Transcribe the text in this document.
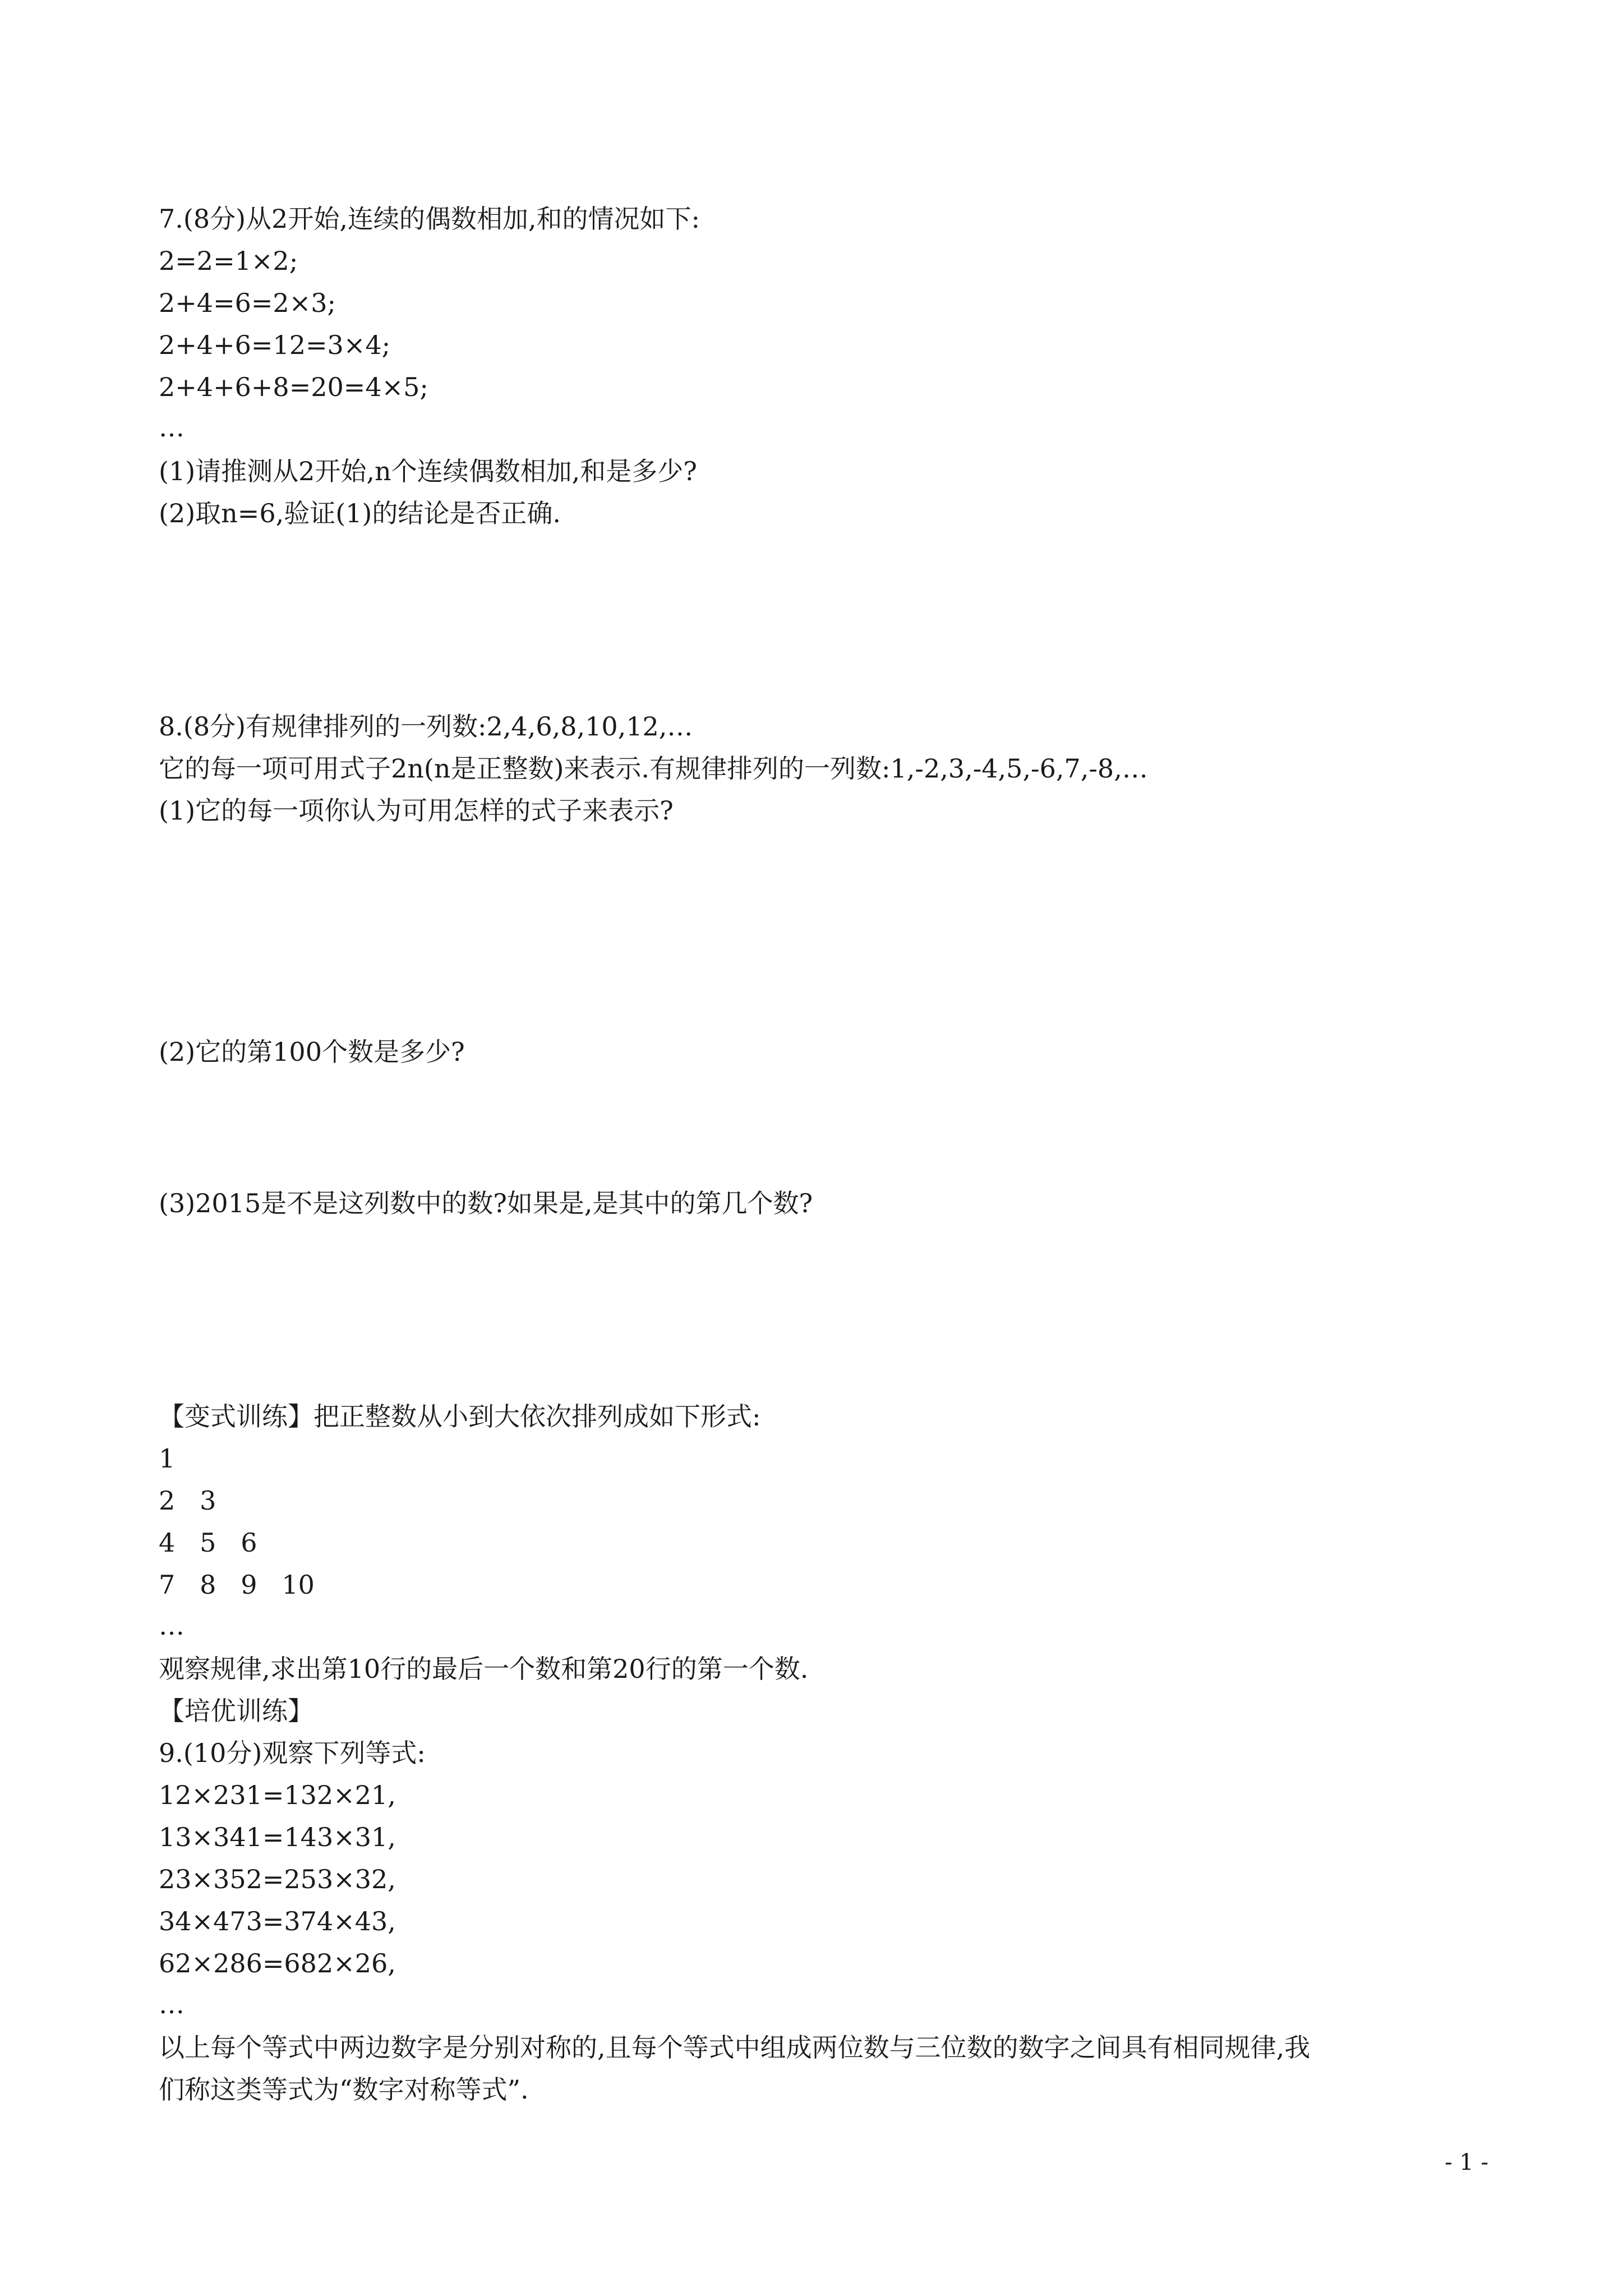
7.(8分)从2开始,连续的偶数相加,和的情况如下:

2=2=1×2;

2+4=6=2×3;

2+4+6=12=3×4;

2+4+6+8=20=4×5;

…

(1)请推测从2开始,n个连续偶数相加,和是多少?

(2)取n=6,验证(1)的结论是否正确.

8.(8分)有规律排列的一列数:2,4,6,8,10,12,…

它的每一项可用式子2n(n是正整数)来表示.有规律排列的一列数:1,-2,3,-4,5,-6,7,-8,…

(1)它的每一项你认为可用怎样的式子来表示?

(2)它的第100个数是多少?

(3)2015是不是这列数中的数?如果是,是其中的第几个数?

【变式训练】把正整数从小到大依次排列成如下形式:

1

2   3

4   5   6

7   8   9   10

…

观察规律,求出第10行的最后一个数和第20行的第一个数.

【培优训练】

9.(10分)观察下列等式:

12×231=132×21,

13×341=143×31,

23×352=253×32,

34×473=374×43,

62×286=682×26,

…

以上每个等式中两边数字是分别对称的,且每个等式中组成两位数与三位数的数字之间具有相同规律,我

们称这类等式为“数字对称等式”.

- 1 -
